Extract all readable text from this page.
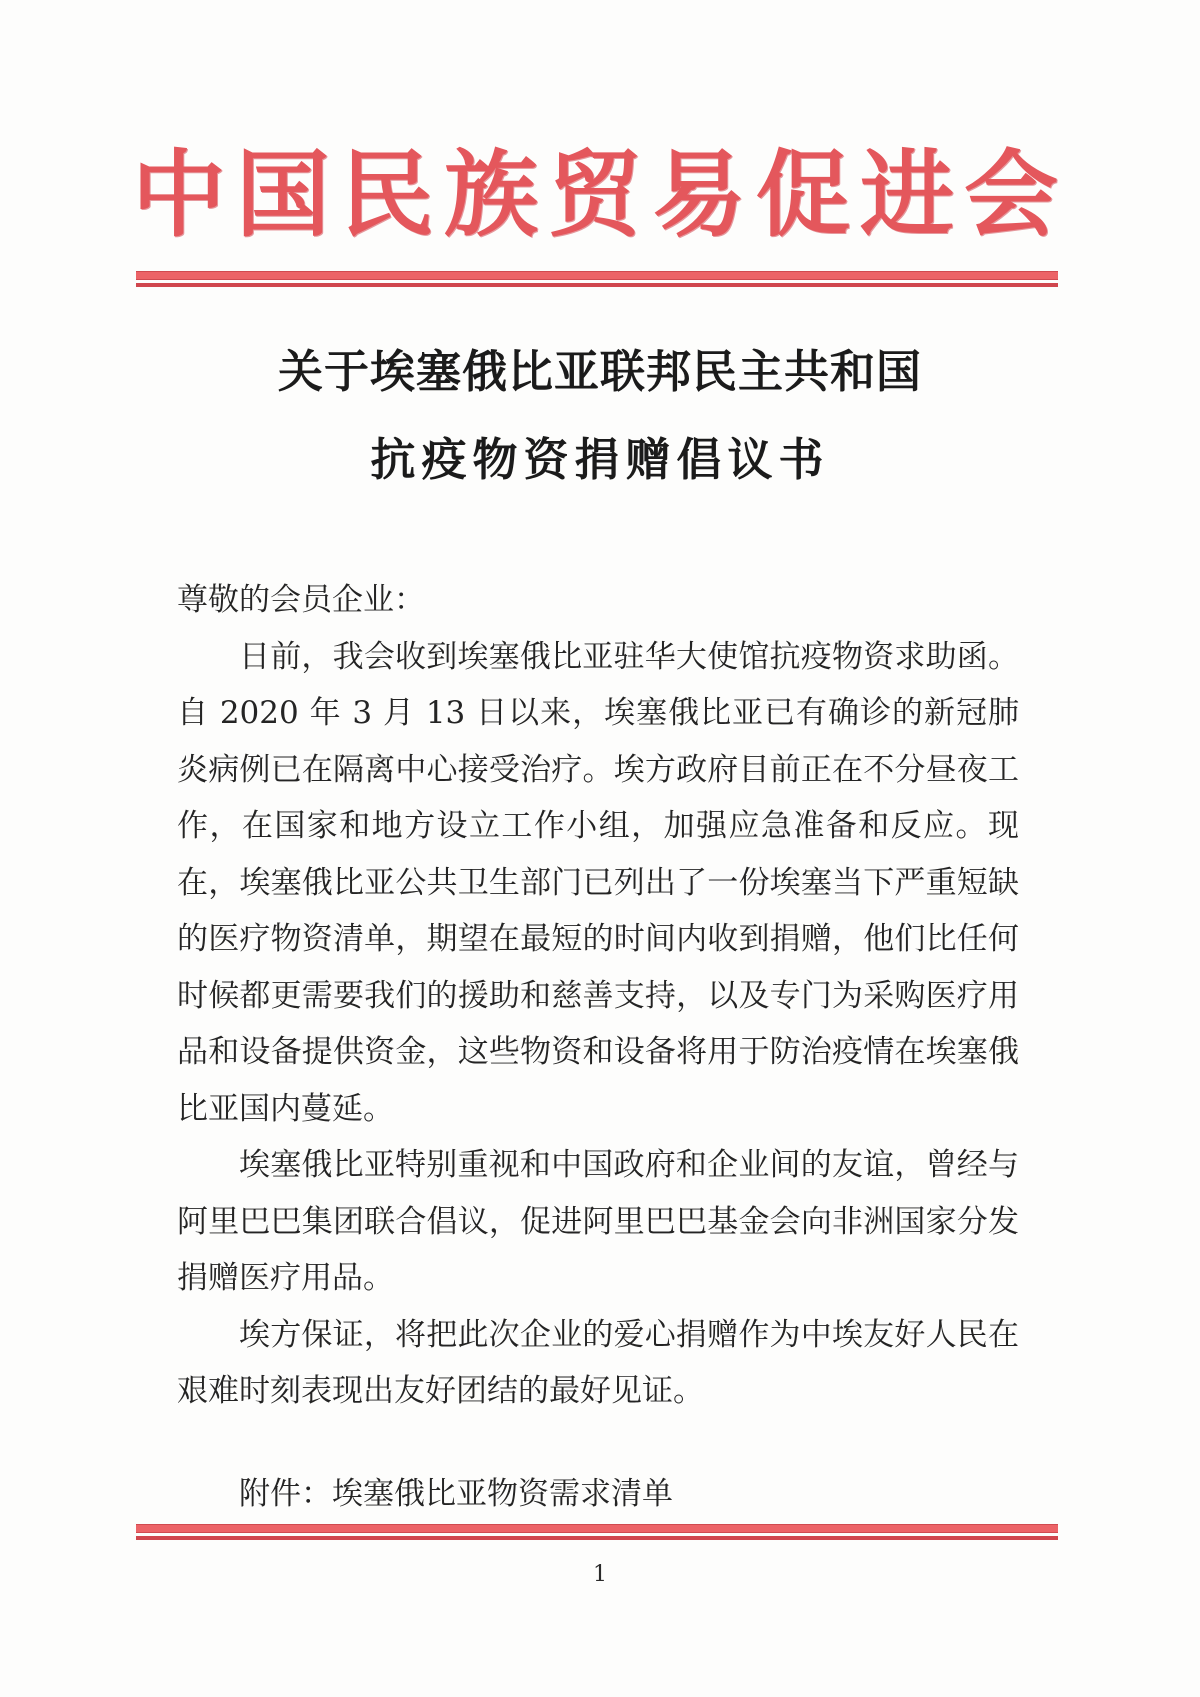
中国民族贸易促进会
关于埃塞俄比亚联邦民主共和国
抗疫物资捐赠倡议书

尊敬的会员企业：

日前，我会收到埃塞俄比亚驻华大使馆抗疫物资求助函。自 2020 年 3 月 13 日以来，埃塞俄比亚已有确诊的新冠肺炎病例已在隔离中心接受治疗。埃方政府目前正在不分昼夜工作，在国家和地方设立工作小组，加强应急准备和反应。现在，埃塞俄比亚公共卫生部门已列出了一份埃塞当下严重短缺的医疗物资清单，期望在最短的时间内收到捐赠，他们比任何时候都更需要我们的援助和慈善支持，以及专门为采购医疗用品和设备提供资金，这些物资和设备将用于防治疫情在埃塞俄比亚国内蔓延。

埃塞俄比亚特别重视和中国政府和企业间的友谊，曾经与阿里巴巴集团联合倡议，促进阿里巴巴基金会向非洲国家分发捐赠医疗用品。

埃方保证，将把此次企业的爱心捐赠作为中埃友好人民在艰难时刻表现出友好团结的最好见证。

附件：埃塞俄比亚物资需求清单

1
